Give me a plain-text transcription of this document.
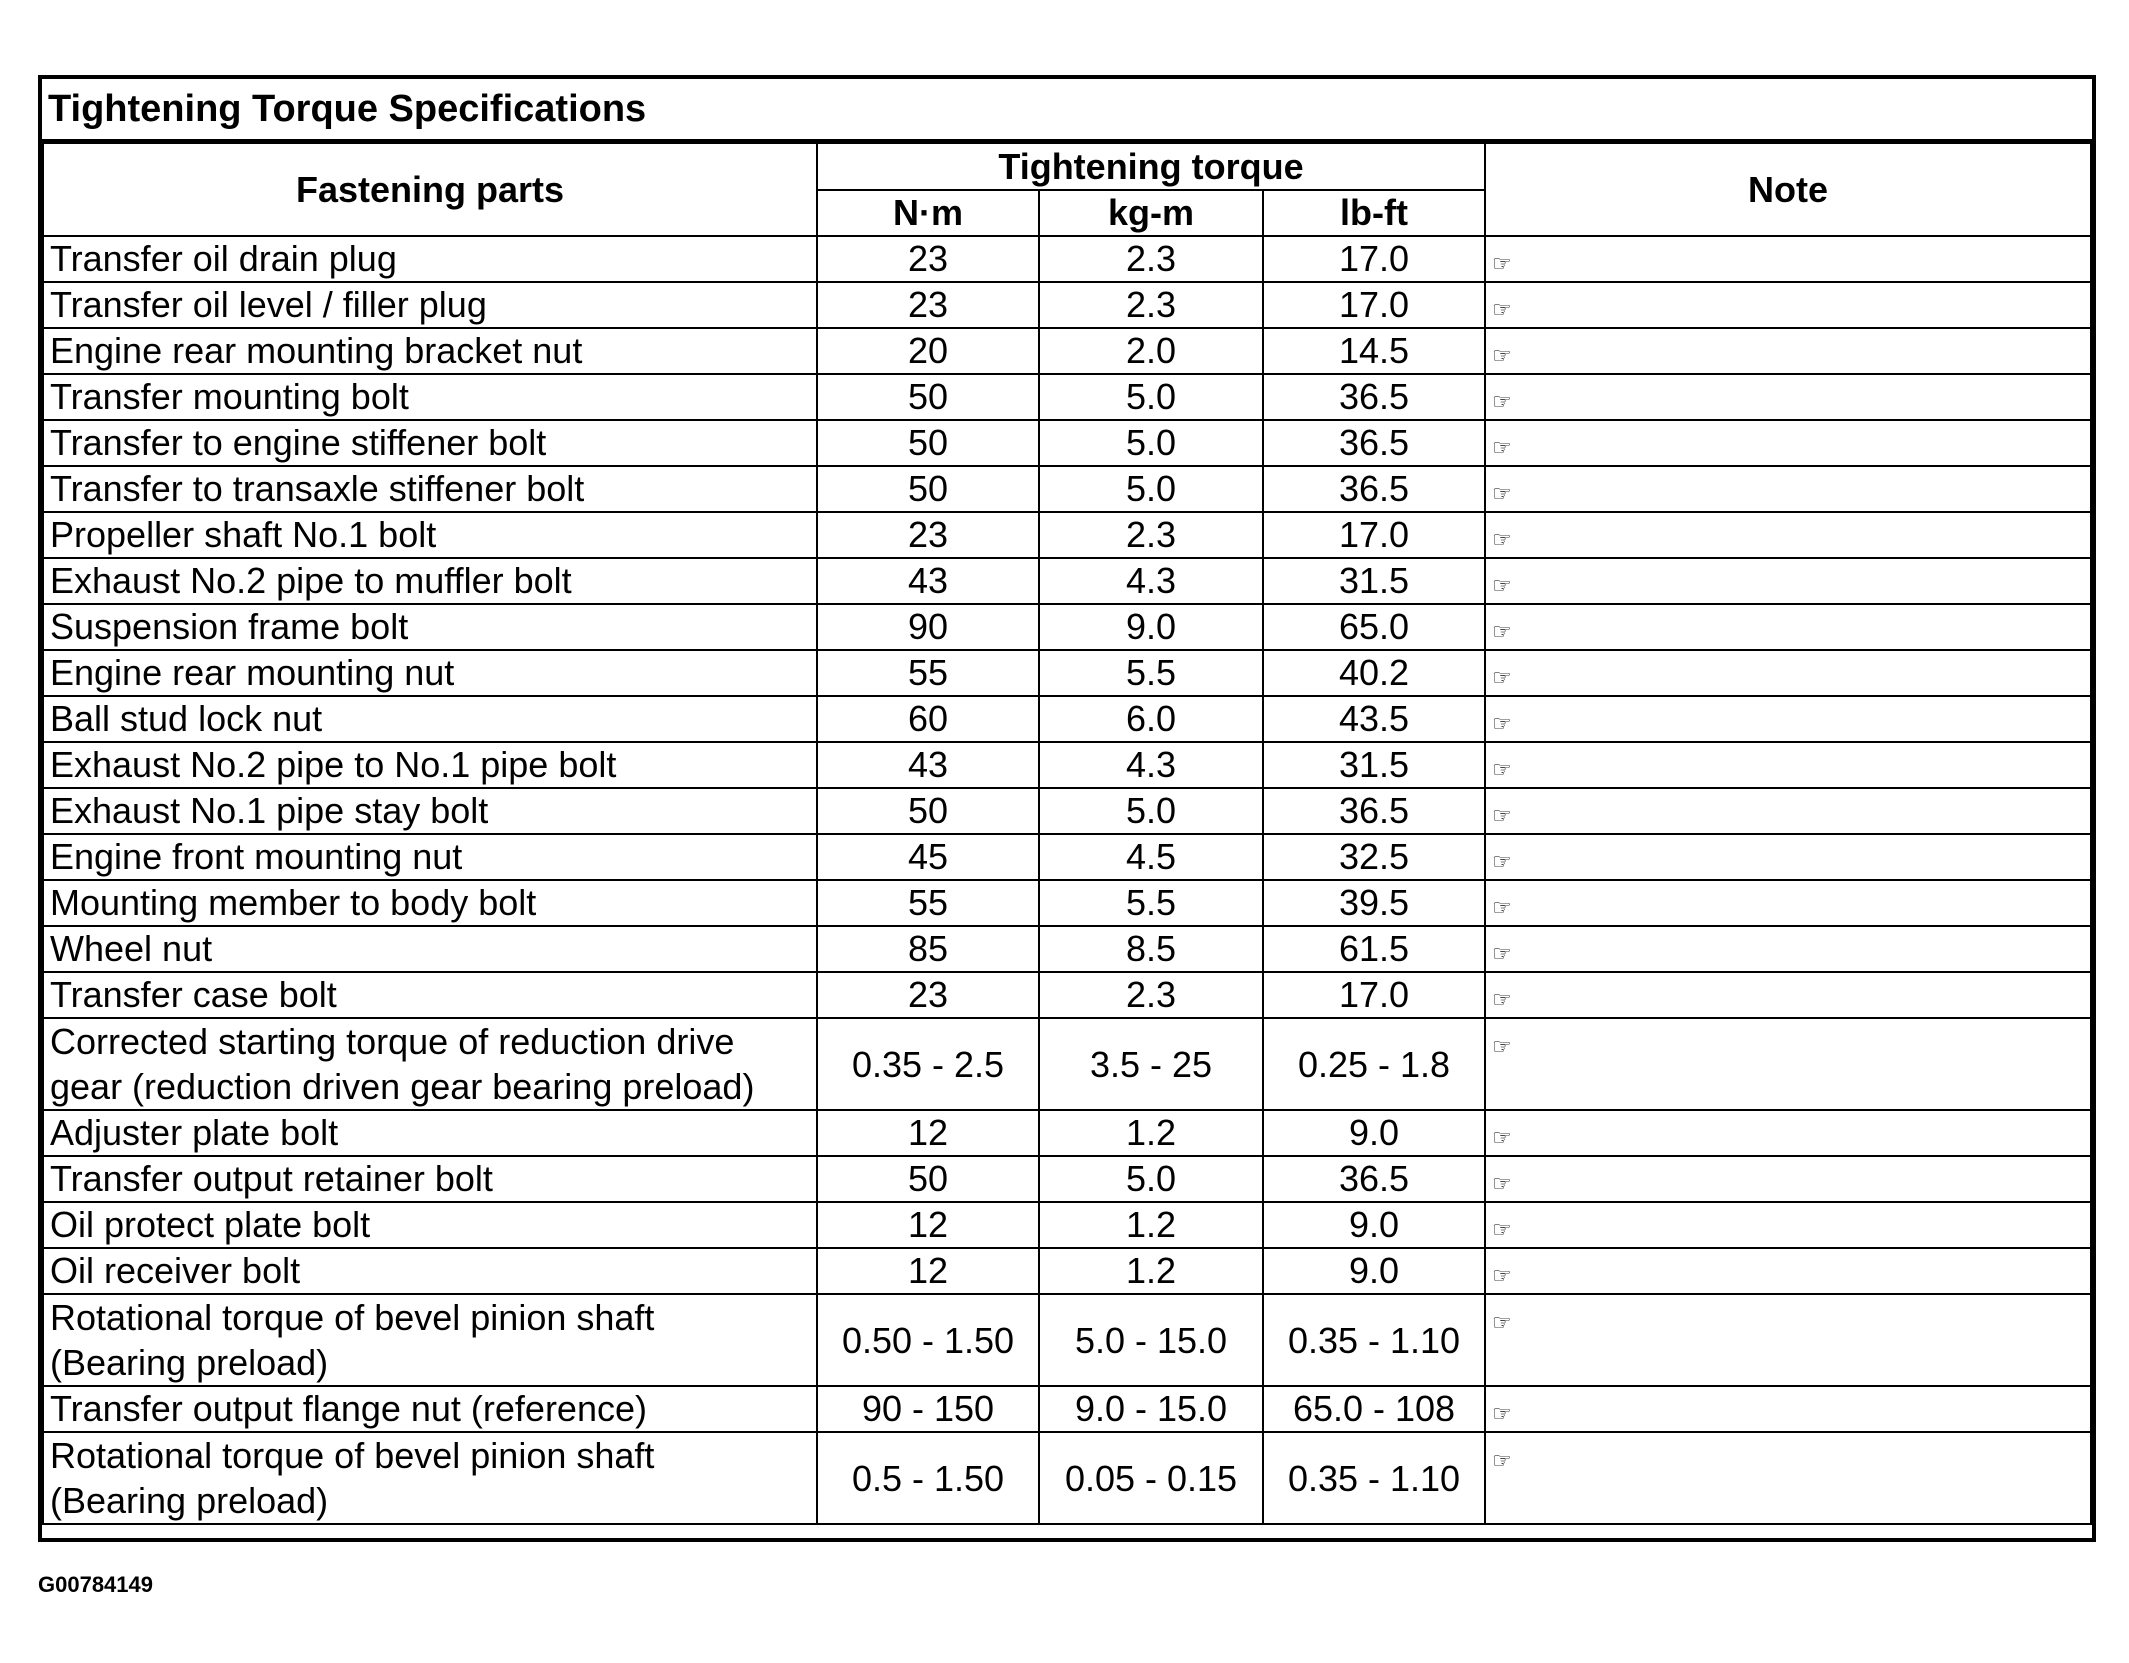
Tightening Torque Specifications
Fastening parts	Tightening torque			Note
	N·m	kg-m	lb-ft	

Transfer oil drain plug	23	2.3	17.0	☞

Transfer oil level / filler plug	23	2.3	17.0	☞

Engine rear mounting bracket nut	20	2.0	14.5	☞

Transfer mounting bolt	50	5.0	36.5	☞

Transfer to engine stiffener bolt	50	5.0	36.5	☞

Transfer to transaxle stiffener bolt	50	5.0	36.5	☞

Propeller shaft No.1 bolt	23	2.3	17.0	☞

Exhaust No.2 pipe to muffler bolt	43	4.3	31.5	☞

Suspension frame bolt	90	9.0	65.0	☞

Engine rear mounting nut	55	5.5	40.2	☞

Ball stud lock nut	60	6.0	43.5	☞

Exhaust No.2 pipe to No.1 pipe bolt	43	4.3	31.5	☞

Exhaust No.1 pipe stay bolt	50	5.0	36.5	☞

Engine front mounting nut	45	4.5	32.5	☞

Mounting member to body bolt	55	5.5	39.5	☞

Wheel nut	85	8.5	61.5	☞

Transfer case bolt	23	2.3	17.0	☞

Corrected starting torque of reduction drive
gear (reduction driven gear bearing preload)	0.35 - 2.5	3.5 - 25	0.25 - 1.8	☞

Adjuster plate bolt	12	1.2	9.0	☞

Transfer output retainer bolt	50	5.0	36.5	☞

Oil protect plate bolt	12	1.2	9.0	☞

Oil receiver bolt	12	1.2	9.0	☞

Rotational torque of bevel pinion shaft
(Bearing preload)	0.50 - 1.50	5.0 - 15.0	0.35 - 1.10	☞

Transfer output flange nut (reference)	90 - 150	9.0 - 15.0	65.0 - 108	☞

Rotational torque of bevel pinion shaft
(Bearing preload)	0.5 - 1.50	0.05 - 0.15	0.35 - 1.10	☞
G00784149
